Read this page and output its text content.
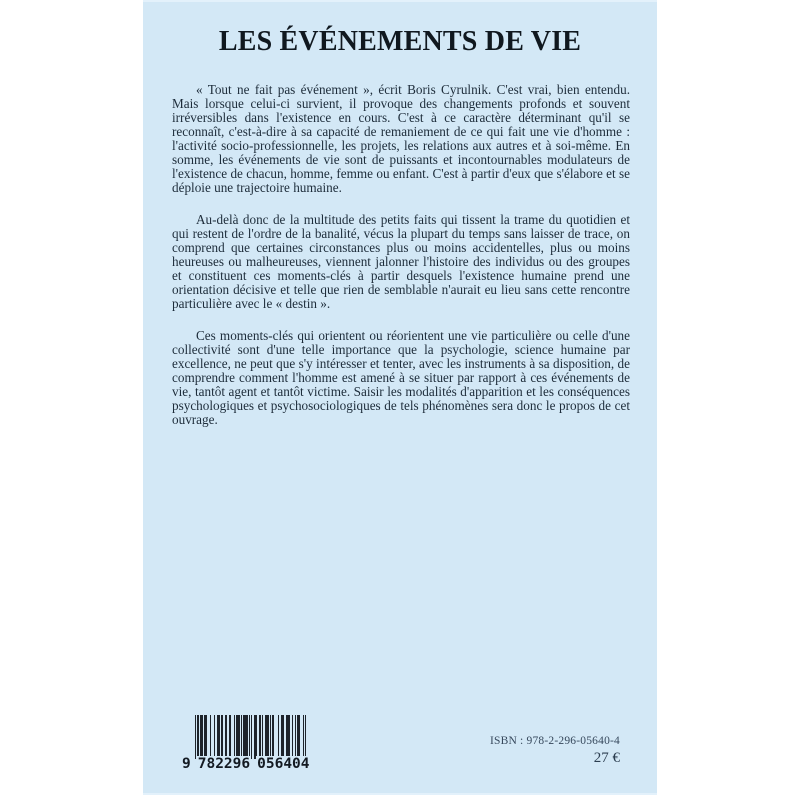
LES ÉVÉNEMENTS DE VIE

« Tout ne fait pas événement », écrit Boris Cyrulnik. C'est vrai, bien entendu. Mais lorsque celui-ci survient, il provoque des changements profonds et souvent irréversibles dans l'existence en cours. C'est à ce caractère déterminant qu'il se reconnaît, c'est-à-dire à sa capacité de remaniement de ce qui fait une vie d'homme : l'activité socio-professionnelle, les projets, les relations aux autres et à soi-même. En somme, les événements de vie sont de puissants et incontournables modulateurs de l'existence de chacun, homme, femme ou enfant. C'est à partir d'eux que s'élabore et se déploie une trajectoire humaine.

Au-delà donc de la multitude des petits faits qui tissent la trame du quotidien et qui restent de l'ordre de la banalité, vécus la plupart du temps sans laisser de trace, on comprend que certaines circonstances plus ou moins accidentelles, plus ou moins heureuses ou malheureuses, viennent jalonner l'histoire des individus ou des groupes et constituent ces moments-clés à partir desquels l'existence humaine prend une orientation décisive et telle que rien de semblable n'aurait eu lieu sans cette rencontre particulière avec le « destin ».

Ces moments-clés qui orientent ou réorientent une vie particulière ou celle d'une collectivité sont d'une telle importance que la psychologie, science humaine par excellence, ne peut que s'y intéresser et tenter, avec les instruments à sa disposition, de comprendre comment l'homme est amené à se situer par rapport à ces événements de vie, tantôt agent et tantôt victime. Saisir les modalités d'apparition et les conséquences psychologiques et psychosociologiques de tels phénomènes sera donc le propos de cet ouvrage.

9 782296 056404
ISBN : 978-2-296-05640-4
27 €
